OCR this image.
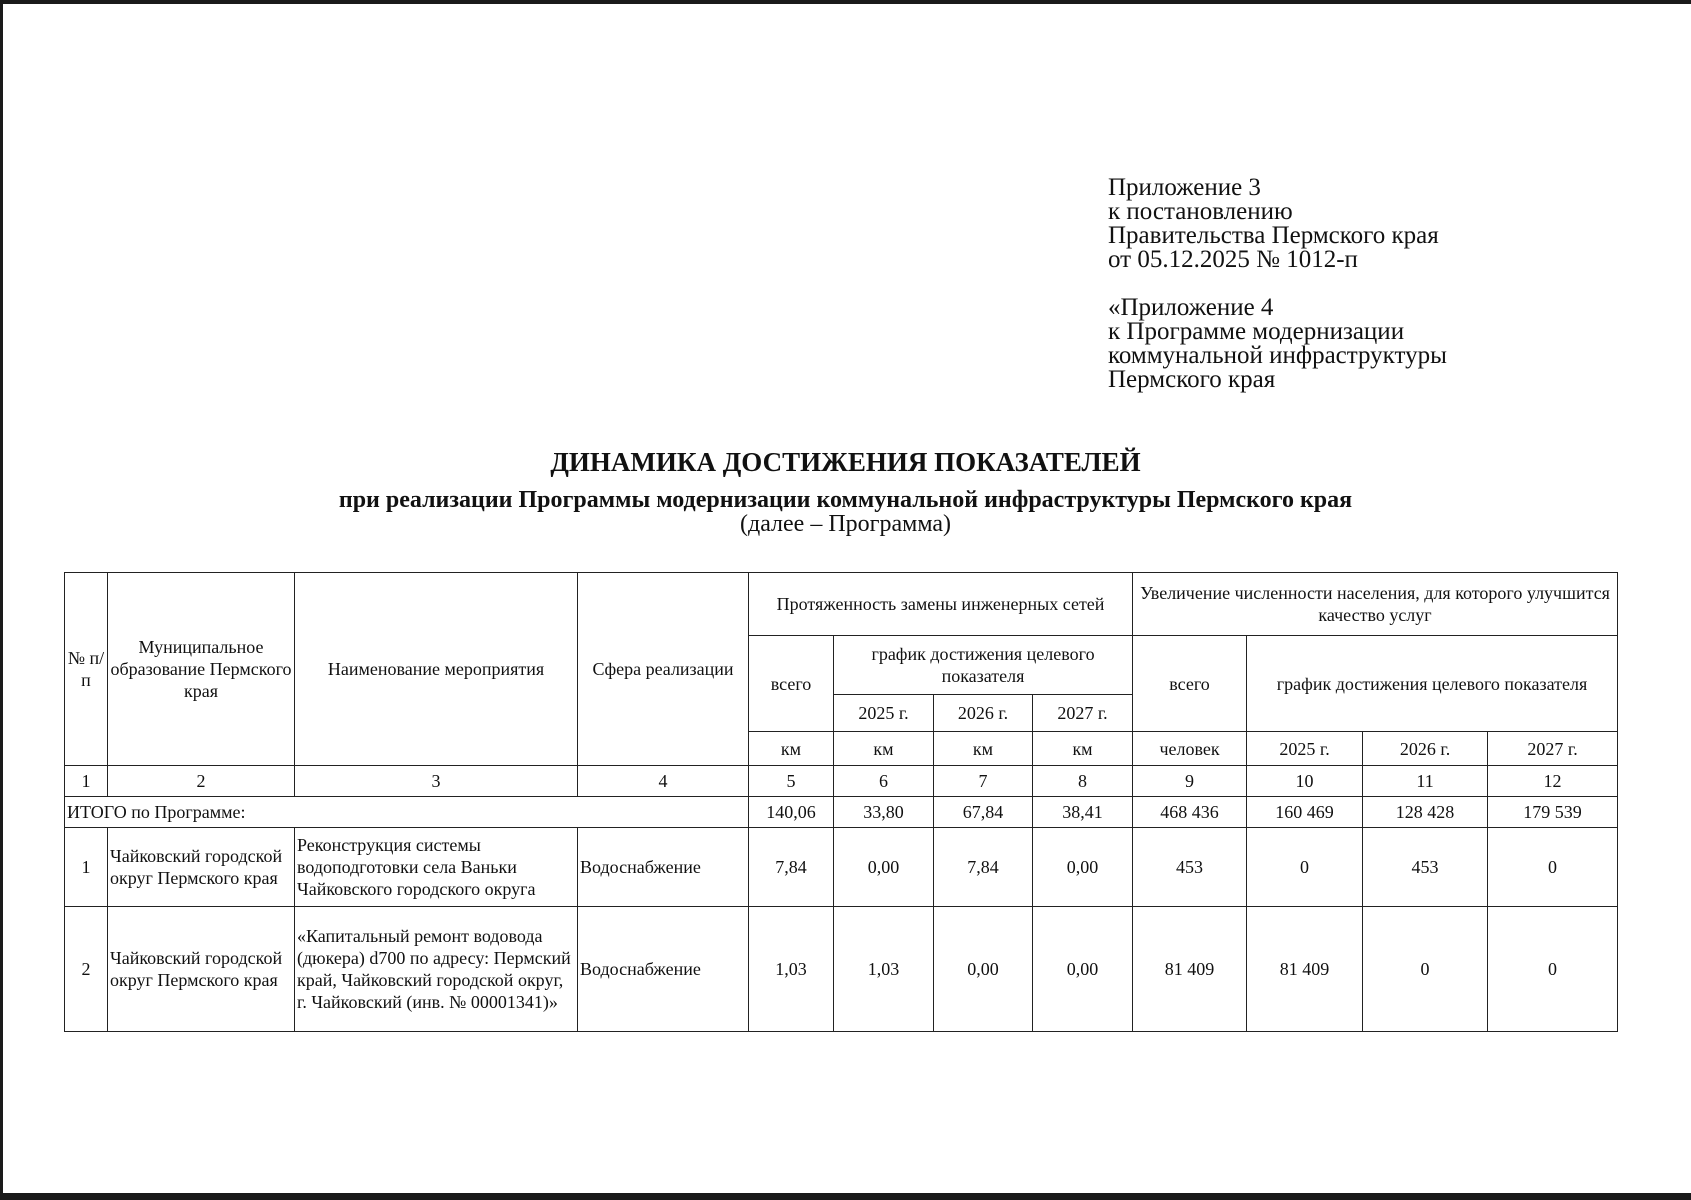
Приложение 3
к постановлению
Правительства Пермского края
от 05.12.2025 № 1012-п
«Приложение 4
к Программе модернизации
коммунальной инфраструктуры
Пермского края
ДИНАМИКА ДОСТИЖЕНИЯ ПОКАЗАТЕЛЕЙ
при реализации Программы модернизации коммунальной инфраструктуры Пермского края
(далее – Программа)
№ п/п	Муниципальное образование Пермского края	Наименование мероприятия	Сфера реализации	Протяженность замены инженерных сетей				Увеличение численности населения, для которого улучшится качество услуг			
				всего	график достижения целевого показателя			всего	график достижения целевого показателя		
					2025 г.	2026 г.	2027 г.				
				км	км	км	км	человек	2025 г.	2026 г.	2027 г.
1	2	3	4	5	6	7	8	9	10	11	12
ИТОГО по Программе:				140,06	33,80	67,84	38,41	468 436	160 469	128 428	179 539
1	Чайковский городской округ Пермского края	Реконструкция системы водоподготовки села Ваньки Чайковского городского округа	Водоснабжение	7,84	0,00	7,84	0,00	453	0	453	0
2	Чайковский городской округ Пермского края	«Капитальный ремонт водовода (дюкера) d700 по адресу: Пермский край, Чайковский городской округ, г. Чайковский (инв. № 00001341)»	Водоснабжение	1,03	1,03	0,00	0,00	81 409	81 409	0	0
